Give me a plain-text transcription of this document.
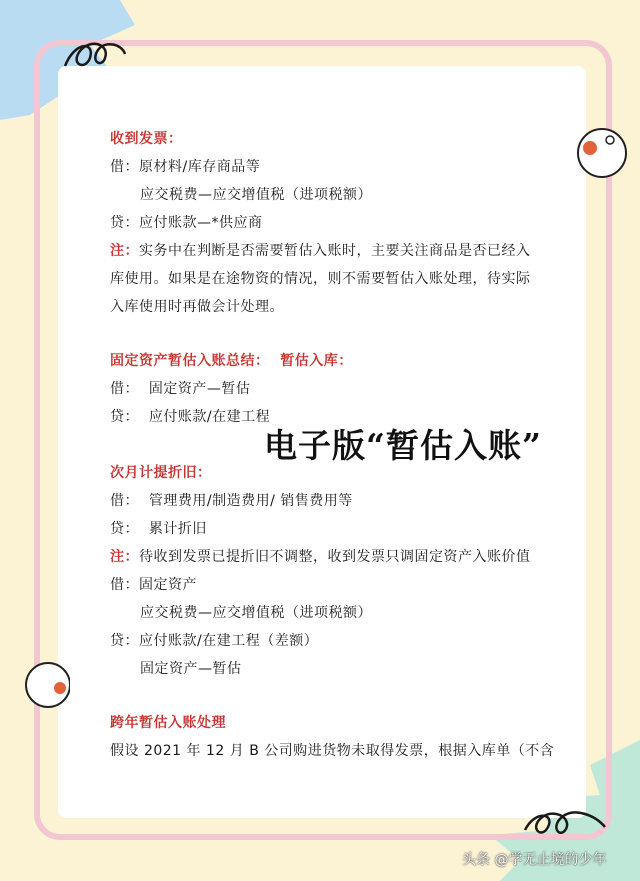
收到发票：
借：原材料/库存商品等
应交税费—应交增值税（进项税额）
贷：应付账款—*供应商
注：实务中在判断是否需要暂估入账时，主要关注商品是否已经入
库使用。如果是在途物资的情况，则不需要暂估入账处理，待实际
入库使用时再做会计处理。
固定资产暂估入账总结：  暂估入库：
借： 固定资产—暂估
贷： 应付账款/在建工程
电子版“暂估入账”
次月计提折旧：
借： 管理费用/制造费用/ 销售费用等
贷： 累计折旧
注：待收到发票已提折旧不调整，收到发票只调固定资产入账价值
借：固定资产
应交税费—应交增值税（进项税额）
贷：应付账款/在建工程（差额）
固定资产—暂估
跨年暂估入账处理
假设 2021 年 12 月 B 公司购进货物未取得发票，根据入库单（不含
头条 @学无止境的少年
